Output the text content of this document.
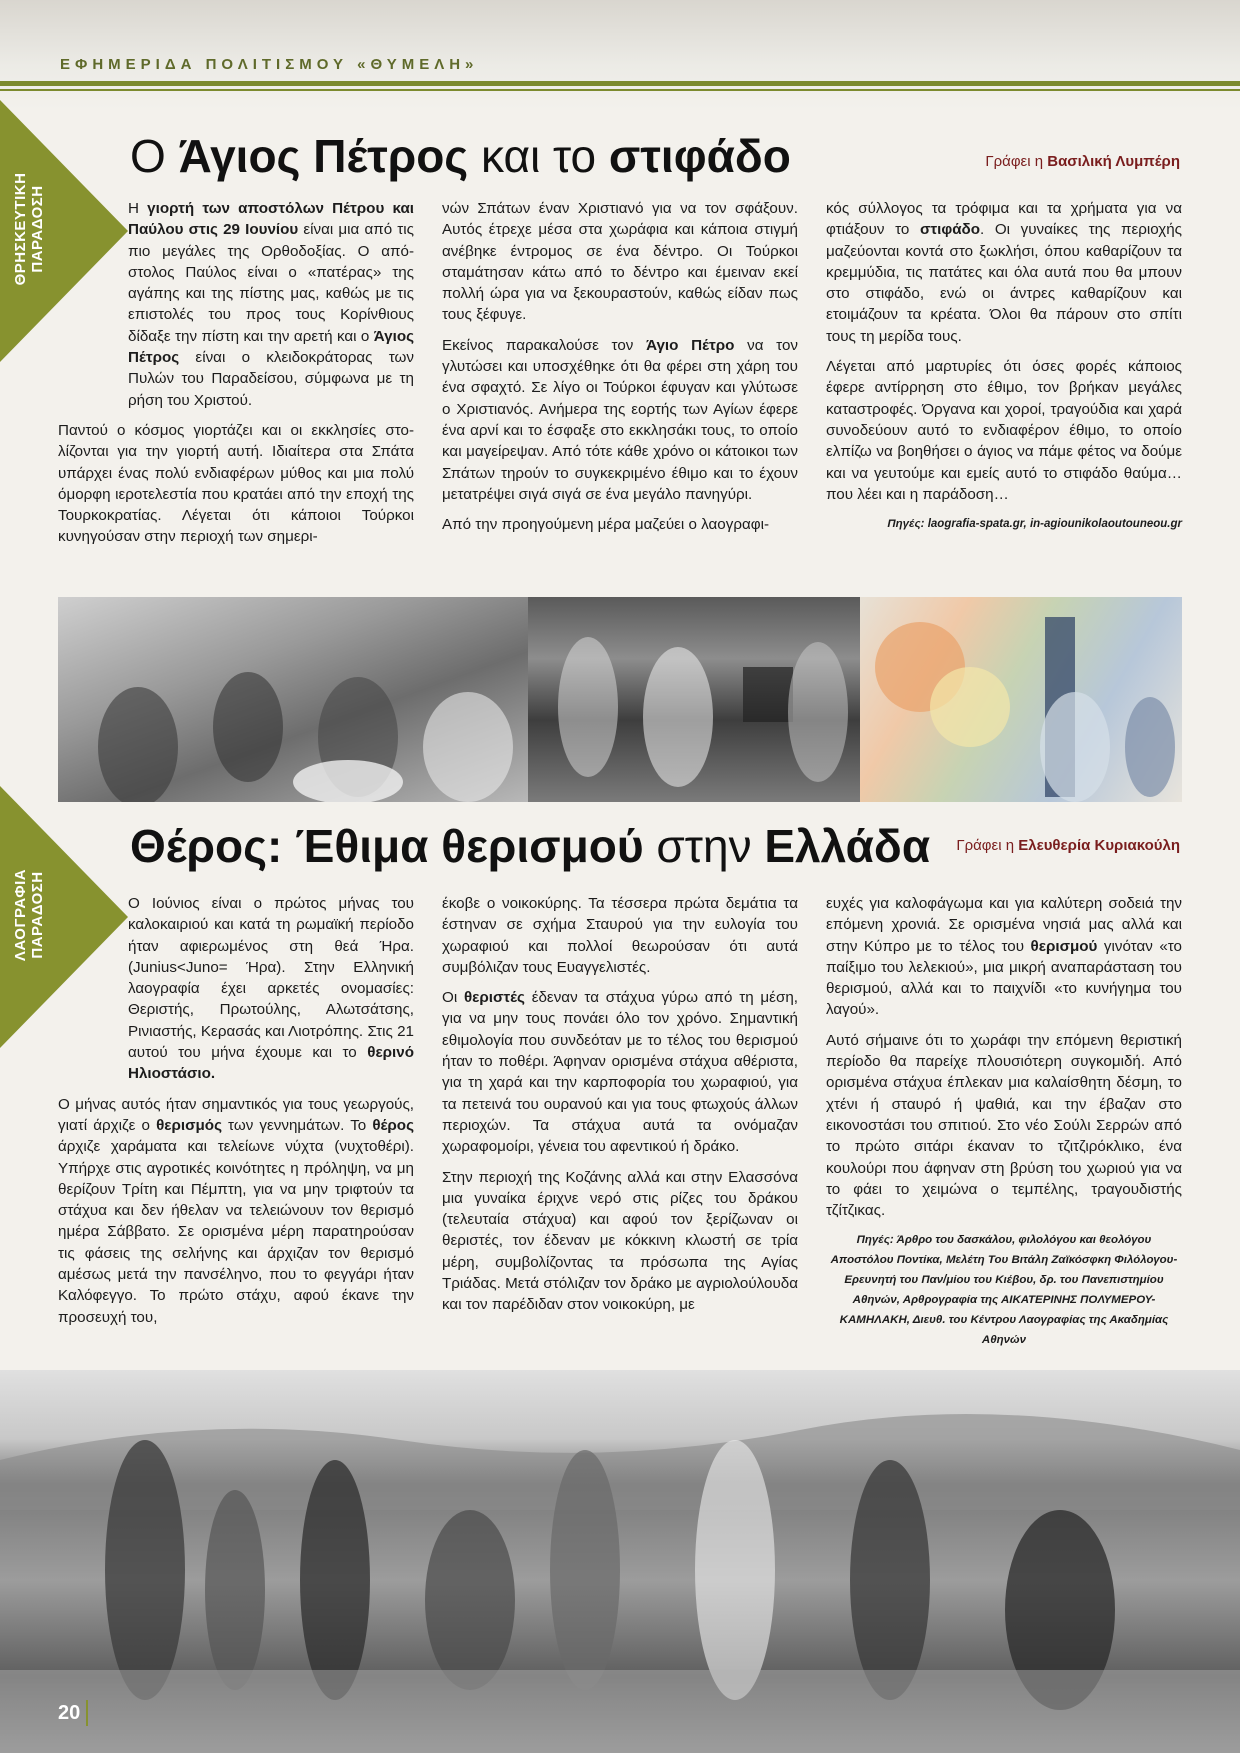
ΕΦΗΜΕΡΙΔΑ ΠΟΛΙΤΙΣΜΟΥ «ΘΥΜΕΛΗ»
ΘΡΗΣΚΕΥΤΙΚΗ ΠΑΡΑΔΟΣΗ
Ο Άγιος Πέτρος και το στιφάδο	Γράφει η Βασιλική Λυμπέρη

Η γιορτή των αποστόλων Πέτρου και Παύλου στις 29 Ιουνίου είναι μια από τις πιο μεγάλες της Ορθοδοξίας. Ο απόστολος Παύλος είναι ο «πατέρας» της αγάπης και της πίστης μας, καθώς με τις επιστολές του προς τους Κορίνθιους δίδαξε την πίστη και την αρετή και ο Άγιος Πέτρος είναι ο κλειδοκράτορας των Πυλών του Παραδείσου, σύμφωνα με τη ρήση του Χριστού.

Παντού ο κόσμος γιορτάζει και οι εκκλησίες στολίζονται για την γιορτή αυτή. Ιδιαίτερα στα Σπάτα υπάρχει ένας πολύ ενδιαφέρων μύθος και μια πολύ όμορφη ιεροτελεστία που κρατάει από την εποχή της Τουρκοκρατίας. Λέγεται ότι κάποιοι Τούρκοι κυνηγούσαν στην περιοχή των σημερι-

νών Σπάτων έναν Χριστιανό για να τον σφάξουν. Αυτός έτρεχε μέσα στα χωράφια και κάποια στιγμή ανέβηκε έντρομος σε ένα δέντρο. Οι Τούρκοι σταμάτησαν κάτω από το δέντρο και έμειναν εκεί πολλή ώρα για να ξεκουραστούν, καθώς είδαν πως τους ξέφυγε.

Εκείνος παρακαλούσε τον Άγιο Πέτρο να τον γλυτώσει και υποσχέθηκε ότι θα φέρει στη χάρη του ένα σφαχτό. Σε λίγο οι Τούρκοι έφυγαν και γλύτωσε ο Χριστιανός. Ανήμερα της εορτής των Αγίων έφερε ένα αρνί και το έσφαξε στο εκκλησάκι τους, το οποίο και μαγείρεψαν. Από τότε κάθε χρόνο οι κάτοικοι των Σπάτων τηρούν το συγκεκριμένο έθιμο και το έχουν μετατρέψει σιγά σιγά σε ένα μεγάλο πανηγύρι.

Από την προηγούμενη μέρα μαζεύει ο λαογραφι-

κός σύλλογος τα τρόφιμα και τα χρήματα για να φτιάξουν το στιφάδο. Οι γυναίκες της περιοχής μαζεύονται κοντά στο ξωκλήσι, όπου καθαρίζουν τα κρεμμύδια, τις πατάτες και όλα αυτά που θα μπουν στο στιφάδο, ενώ οι άντρες καθαρίζουν και ετοιμάζουν τα κρέατα. Όλοι θα πάρουν στο σπίτι τους τη μερίδα τους.

Λέγεται από μαρτυρίες ότι όσες φορές κάποιος έφερε αντίρρηση στο έθιμο, τον βρήκαν μεγάλες καταστροφές. Όργανα και χοροί, τραγούδια και χαρά συνοδεύουν αυτό το ενδιαφέρον έθιμο, το οποίο ελπίζω να βοηθήσει ο άγιος να πάμε φέτος να δούμε και να γευτούμε και εμείς αυτό το στιφάδο θαύμα… που λέει και η παράδοση…

Πηγές: laografia-spata.gr, in-agiounikolaoutouneou.gr

ΛΑΟΓΡΑΦΙΑ ΠΑΡΑΔΟΣΗ
Θέρος: Έθιμα θερισμού στην Ελλάδα Γράφει η Ελευθερία Κυριακούλη

Ο Ιούνιος είναι ο πρώτος μήνας του καλοκαιριού και κατά τη ρωμαϊκή περίοδο ήταν αφιερωμένος στη θεά Ήρα. (Junius<Juno= Ήρα). Στην Ελληνική λαογραφία έχει αρκετές ονομασίες: Θεριστής, Πρωτούλης, Αλωτσάτσης, Ρινιαστής, Κερασάς και Λιοτρόπης. Στις 21 αυτού του μήνα έχουμε και το θερινό Ηλιοστάσιο.

Ο μήνας αυτός ήταν σημαντικός για τους γεωργούς, γιατί άρχιζε ο θερισμός των γεννημάτων. Το θέρος άρχιζε χαράματα και τελείωνε νύχτα (νυχτοθέρι). Υπήρχε στις αγροτικές κοινότητες η πρόληψη, να μη θερίζουν Τρίτη και Πέμπτη, για να μην τριφτούν τα στάχυα και δεν ήθελαν να τελειώνουν τον θερισμό ημέρα Σάββατο. Σε ορισμένα μέρη παρατηρούσαν τις φάσεις της σελήνης και άρχιζαν τον θερισμό αμέσως μετά την πανσέληνο, που το φεγγάρι ήταν Καλόφεγγο. Το πρώτο στάχυ, αφού έκανε την προσευχή του,

έκοβε ο νοικοκύρης. Τα τέσσερα πρώτα δεμάτια τα έστηναν σε σχήμα Σταυρού για την ευλογία του χωραφιού και πολλοί θεωρούσαν ότι αυτά συμβόλιζαν τους Ευαγγελιστές.

Οι θεριστές έδεναν τα στάχυα γύρω από τη μέση, για να μην τους πονάει όλο τον χρόνο. Σημαντική εθιμολογία που συνδεόταν με το τέλος του θερισμού ήταν το ποθέρι. Άφηναν ορισμένα στάχυα αθέριστα, για τη χαρά και την καρποφορία του χωραφιού, για τα πετεινά του ουρανού και για τους φτωχούς άλλων περιοχών. Τα στάχυα αυτά τα ονόμαζαν χωραφομοίρι, γένεια του αφεντικού ή δράκο.

Στην περιοχή της Κοζάνης αλλά και στην Ελασσόνα μια γυναίκα έριχνε νερό στις ρίζες του δράκου (τελευταία στάχυα) και αφού τον ξερίζωναν οι θεριστές, τον έδεναν με κόκκινη κλωστή σε τρία μέρη, συμβολίζοντας τα πρόσωπα της Αγίας Τριάδας. Μετά στόλιζαν τον δράκο με αγριολούλουδα και τον παρέδιδαν στον νοικοκύρη, με

ευχές για καλοφάγωμα και για καλύτερη σοδειά την επόμενη χρονιά. Σε ορισμένα νησιά μας αλλά και στην Κύπρο με το τέλος του θερισμού γινόταν «το παίξιμο του λελεκιού», μια μικρή αναπαράσταση του θερισμού, αλλά και το παιχνίδι «το κυνήγημα του λαγού».

Αυτό σήμαινε ότι το χωράφι την επόμενη θεριστική περίοδο θα παρείχε πλουσιότερη συγκομιδή. Από ορισμένα στάχυα έπλεκαν μια καλαίσθητη δέσμη, το χτένι ή σταυρό ή ψαθιά, και την έβαζαν στο εικονοστάσι του σπιτιού. Στο νέο Σούλι Σερρών από το πρώτο σιτάρι έκαναν το τζιτζιρόκλικο, ένα κουλούρι που άφηναν στη βρύση του χωριού για να το φάει το χειμώνα ο τεμπέλης, τραγουδιστής τζίτζικας.

Πηγές: Άρθρο του δασκάλου, φιλολόγου και θεολόγου Αποστόλου Ποντίκα, Μελέτη Του Βιτάλη Ζαϊκόσφκη Φιλόλογου-Ερευνητή του Παν/μίου του Κιέβου, δρ. του Πανεπιστημίου Αθηνών, Αρθρογραφία της ΑΙΚΑΤΕΡΙΝΗΣ ΠΟΛΥΜΕΡΟΥ- ΚΑΜΗΛΑΚΗ, Διευθ. του Κέντρου Λαογραφίας της Ακαδημίας Αθηνών

20
